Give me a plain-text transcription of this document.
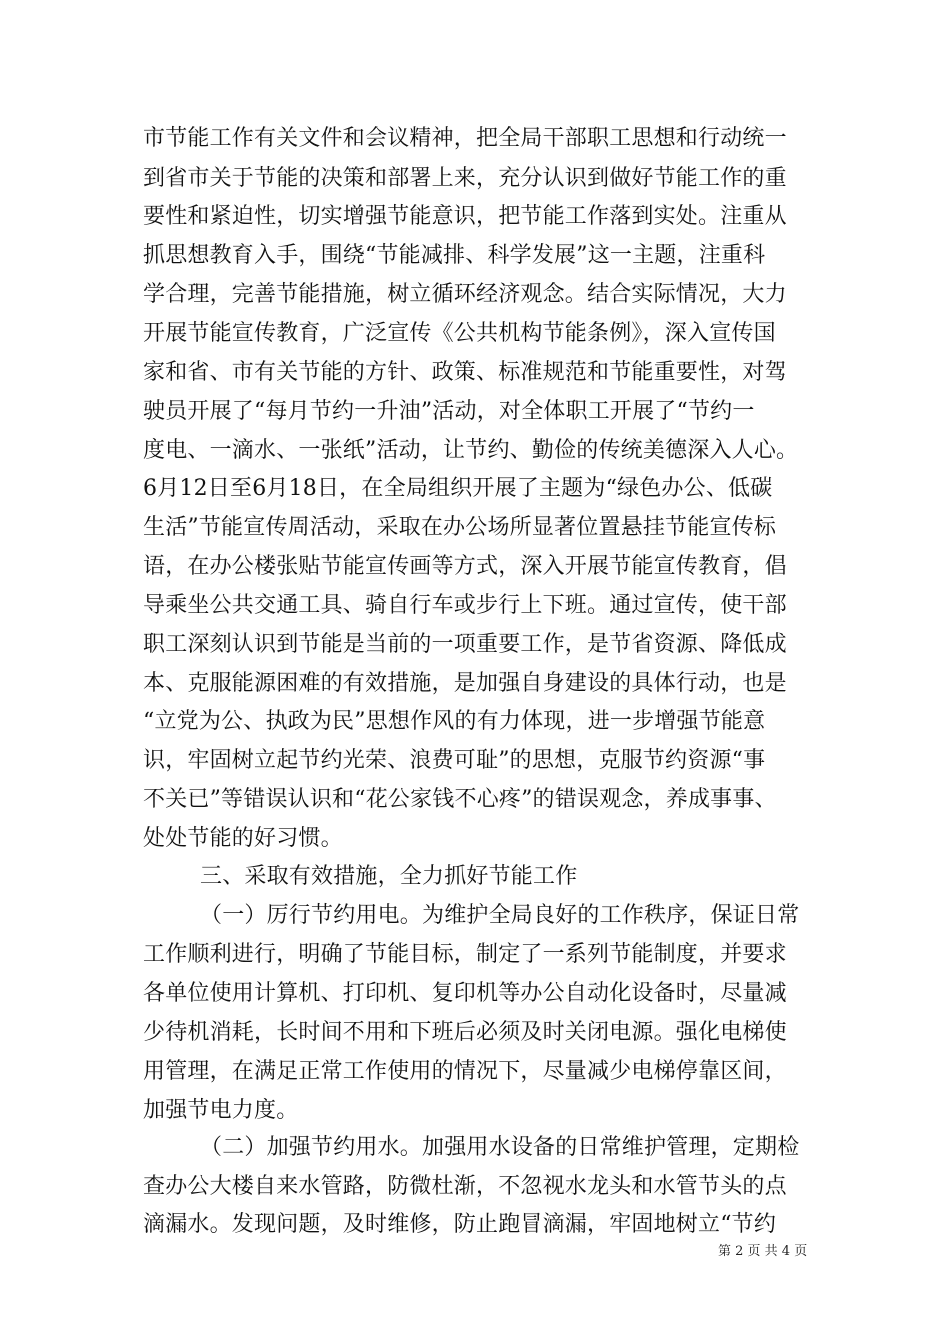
市节能工作有关文件和会议精神，把全局干部职工思想和行动统一
到省市关于节能的决策和部署上来，充分认识到做好节能工作的重
要性和紧迫性，切实增强节能意识，把节能工作落到实处。注重从
抓思想教育入手，围绕“节能减排、科学发展”这一主题，注重科
学合理，完善节能措施，树立循环经济观念。结合实际情况，大力
开展节能宣传教育，广泛宣传《公共机构节能条例》，深入宣传国
家和省、市有关节能的方针、政策、标准规范和节能重要性，对驾
驶员开展了“每月节约一升油”活动，对全体职工开展了“节约一
度电、一滴水、一张纸”活动，让节约、勤俭的传统美德深入人心。
6月12日至6月18日，在全局组织开展了主题为“绿色办公、低碳
生活”节能宣传周活动，采取在办公场所显著位置悬挂节能宣传标
语，在办公楼张贴节能宣传画等方式，深入开展节能宣传教育，倡
导乘坐公共交通工具、骑自行车或步行上下班。通过宣传，使干部
职工深刻认识到节能是当前的一项重要工作，是节省资源、降低成
本、克服能源困难的有效措施，是加强自身建设的具体行动，也是
“立党为公、执政为民”思想作风的有力体现，进一步增强节能意
识，牢固树立起节约光荣、浪费可耻”的思想，克服节约资源“事
不关已”等错误认识和“花公家钱不心疼”的错误观念，养成事事、
处处节能的好习惯。
三、采取有效措施，全力抓好节能工作
（一）厉行节约用电。为维护全局良好的工作秩序，保证日常
工作顺利进行，明确了节能目标，制定了一系列节能制度，并要求
各单位使用计算机、打印机、复印机等办公自动化设备时，尽量减
少待机消耗，长时间不用和下班后必须及时关闭电源。强化电梯使
用管理，在满足正常工作使用的情况下，尽量减少电梯停靠区间，
加强节电力度。
（二）加强节约用水。加强用水设备的日常维护管理，定期检
查办公大楼自来水管路，防微杜渐，不忽视水龙头和水管节头的点
滴漏水。发现问题，及时维修，防止跑冒滴漏，牢固地树立“节约
第 2 页 共 4 页
